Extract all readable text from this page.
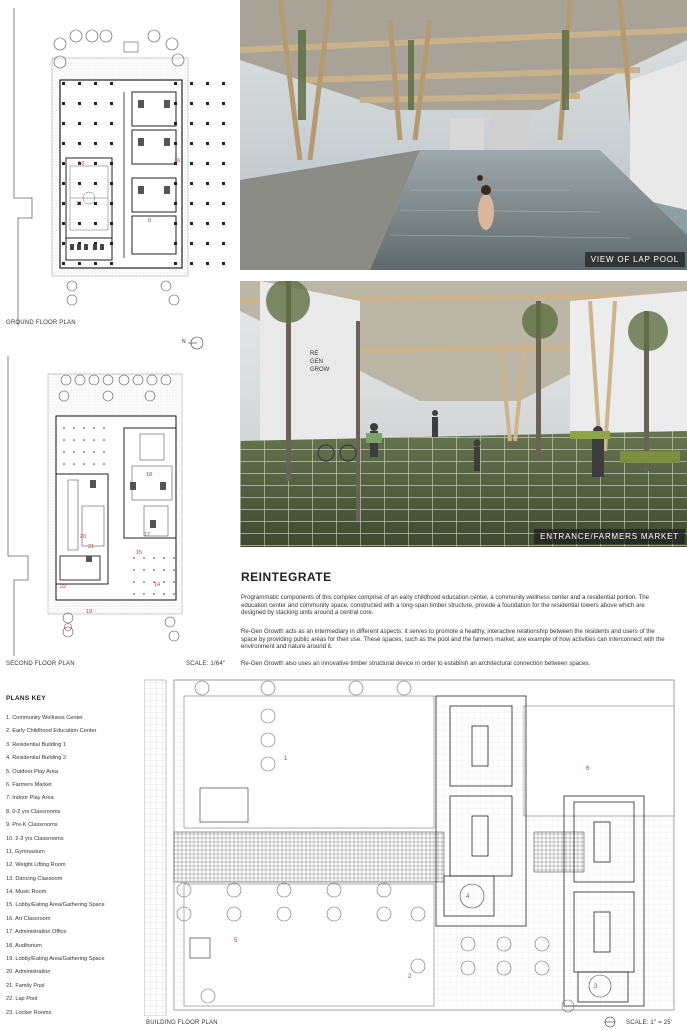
13
11
8
16
GROUND FLOOR PLAN
N
20
21
22
18
15
17
19
14
SECOND FLOOR PLAN	SCALE: 1/64"
VIEW OF LAP POOL
RE
GEN
GROW
ENTRANCE/FARMERS MARKET
REINTEGRATE

Programmatic components of this complex comprise of an early childhood education center, a community wellness center and a residential portion. The education center and community space, constructed with a long-span timber structure, provide a foundation for the residential towers above which are designed by stacking units around a central core.

Re-Gen Growth acts as an intermediary in different aspects; it serves to promote a healthy, interactive relationship between the residents and users of the space by providing public areas for their use. These spaces, such as the pool and the farmers market, are example of how activities can interconnect with the environment and nature around it.

Re-Gen Growth also uses an innovative timber structural device in order to establish an architectural connection between spaces.

PLANS KEY
1. Community Wellness Center
2. Early Childhood Education Center
3. Residential Building 1
4. Residential Building 2
5. Outdoor Play Area
6. Farmers Market
7. Indoor Play Area
8. 0-2 yrs Classrooms
9. Pre-K Classrooms
10. 2-3 yrs Classrooms
11. Gymnasium
12. Weight Lifting Room
13. Dancing Classoom
14. Music Room
15. Lobby/Eating Area/Gathering Space
16. Art Classroom
17. Administration Office
18. Auditorium
19. Lobby/Eating Area/Gathering Space
20. Administration
21. Family Pool
22. Lap Pool
23. Locker Rooms
1
4
5
2
3
6
BUILDING FLOOR PLAN	SCALE: 1" = 25'
